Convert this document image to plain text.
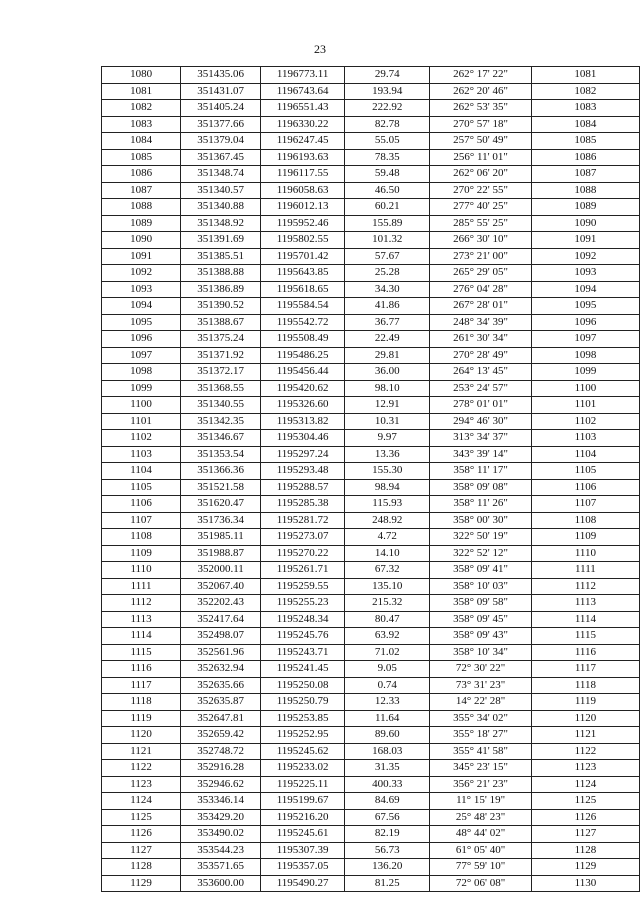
23
1080	351435.06	1196773.11	29.74	262° 17' 22"	1081
1081	351431.07	1196743.64	193.94	262° 20' 46"	1082
1082	351405.24	1196551.43	222.92	262° 53' 35"	1083
1083	351377.66	1196330.22	82.78	270° 57' 18"	1084
1084	351379.04	1196247.45	55.05	257° 50' 49"	1085
1085	351367.45	1196193.63	78.35	256° 11' 01"	1086
1086	351348.74	1196117.55	59.48	262° 06' 20"	1087
1087	351340.57	1196058.63	46.50	270° 22' 55"	1088
1088	351340.88	1196012.13	60.21	277° 40' 25"	1089
1089	351348.92	1195952.46	155.89	285° 55' 25"	1090
1090	351391.69	1195802.55	101.32	266° 30' 10"	1091
1091	351385.51	1195701.42	57.67	273° 21' 00"	1092
1092	351388.88	1195643.85	25.28	265° 29' 05"	1093
1093	351386.89	1195618.65	34.30	276° 04' 28"	1094
1094	351390.52	1195584.54	41.86	267° 28' 01"	1095
1095	351388.67	1195542.72	36.77	248° 34' 39"	1096
1096	351375.24	1195508.49	22.49	261° 30' 34"	1097
1097	351371.92	1195486.25	29.81	270° 28' 49"	1098
1098	351372.17	1195456.44	36.00	264° 13' 45"	1099
1099	351368.55	1195420.62	98.10	253° 24' 57"	1100
1100	351340.55	1195326.60	12.91	278° 01' 01"	1101
1101	351342.35	1195313.82	10.31	294° 46' 30"	1102
1102	351346.67	1195304.46	9.97	313° 34' 37"	1103
1103	351353.54	1195297.24	13.36	343° 39' 14"	1104
1104	351366.36	1195293.48	155.30	358° 11' 17"	1105
1105	351521.58	1195288.57	98.94	358° 09' 08"	1106
1106	351620.47	1195285.38	115.93	358° 11' 26"	1107
1107	351736.34	1195281.72	248.92	358° 00' 30"	1108
1108	351985.11	1195273.07	4.72	322° 50' 19"	1109
1109	351988.87	1195270.22	14.10	322° 52' 12"	1110
1110	352000.11	1195261.71	67.32	358° 09' 41"	1111
1111	352067.40	1195259.55	135.10	358° 10' 03"	1112
1112	352202.43	1195255.23	215.32	358° 09' 58"	1113
1113	352417.64	1195248.34	80.47	358° 09' 45"	1114
1114	352498.07	1195245.76	63.92	358° 09' 43"	1115
1115	352561.96	1195243.71	71.02	358° 10' 34"	1116
1116	352632.94	1195241.45	9.05	72° 30' 22"	1117
1117	352635.66	1195250.08	0.74	73° 31' 23"	1118
1118	352635.87	1195250.79	12.33	14° 22' 28"	1119
1119	352647.81	1195253.85	11.64	355° 34' 02"	1120
1120	352659.42	1195252.95	89.60	355° 18' 27"	1121
1121	352748.72	1195245.62	168.03	355° 41' 58"	1122
1122	352916.28	1195233.02	31.35	345° 23' 15"	1123
1123	352946.62	1195225.11	400.33	356° 21' 23"	1124
1124	353346.14	1195199.67	84.69	11° 15' 19"	1125
1125	353429.20	1195216.20	67.56	25° 48' 23"	1126
1126	353490.02	1195245.61	82.19	48° 44' 02"	1127
1127	353544.23	1195307.39	56.73	61° 05' 40"	1128
1128	353571.65	1195357.05	136.20	77° 59' 10"	1129
1129	353600.00	1195490.27	81.25	72° 06' 08"	1130
